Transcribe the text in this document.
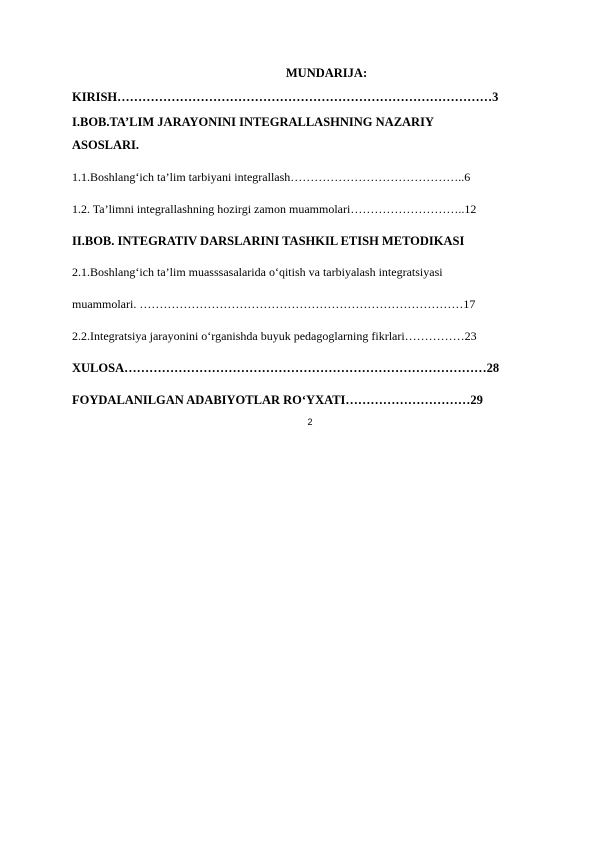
MUNDARIJA:
KIRISH………………………………………………………………………………3
I.BOB.TA’LIM JARAYONINI INTEGRALLASHNING NAZARIY
ASOSLARI.
1.1.Boshlang‘ich ta’lim tarbiyani integrallash……………………………………..6
1.2. Ta’limni integrallashning hozirgi zamon muammolari………………………..12
II.BOB. INTEGRATIV DARSLARINI TASHKIL ETISH METODIKASI
2.1.Boshlang‘ich ta’lim muasssasalarida o‘qitish va tarbiyalash integratsiyasi
muammolari. ………………………………………………………………………17
2.2.Integratsiya jarayonini o‘rganishda buyuk pedagoglarning fikrlari……………23
XULOSA……………………………………………………………………………28
FOYDALANILGAN ADABIYOTLAR RO‘YXATI…………………………29
2
